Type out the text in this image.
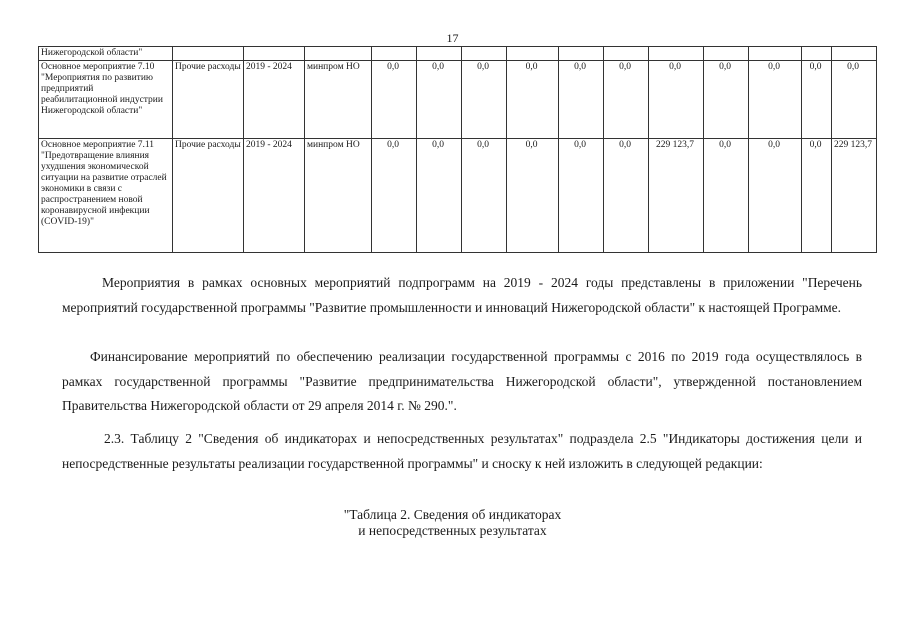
17
Нижегородской области"														
Основное мероприятие 7.10 "Мероприятия по развитию предприятий реабилитационной индустрии Нижегородской области"	Прочие расходы	2019 - 2024	минпром НО	0,0	0,0	0,0	0,0	0,0	0,0	0,0	0,0	0,0	0,0	0,0
Основное мероприятие 7.11 "Предотвращение влияния ухудшения экономической ситуации на развитие отраслей экономики в связи с распространением новой коронавирусной инфекции (COVID-19)"	Прочие расходы	2019 - 2024	минпром НО	0,0	0,0	0,0	0,0	0,0	0,0	229 123,7	0,0	0,0	0,0	229 123,7
Мероприятия в рамках основных мероприятий подпрограмм на 2019 - 2024 годы представлены в приложении "Перечень мероприятий государственной программы "Развитие промышленности и инноваций Нижегородской области" к настоящей Программе.
Финансирование мероприятий по обеспечению реализации государственной программы с 2016 по 2019 года осуществлялось в рамках государственной программы "Развитие предпринимательства Нижегородской области", утвержденной постановлением Правительства Нижегородской области от 29 апреля 2014 г. № 290.".
2.3. Таблицу 2 "Сведения об индикаторах и непосредственных результатах" подраздела 2.5 "Индикаторы достижения цели и непосредственные результаты реализации государственной программы" и сноску к ней изложить в следующей редакции:
"Таблица 2. Сведения об индикаторах
и непосредственных результатах
